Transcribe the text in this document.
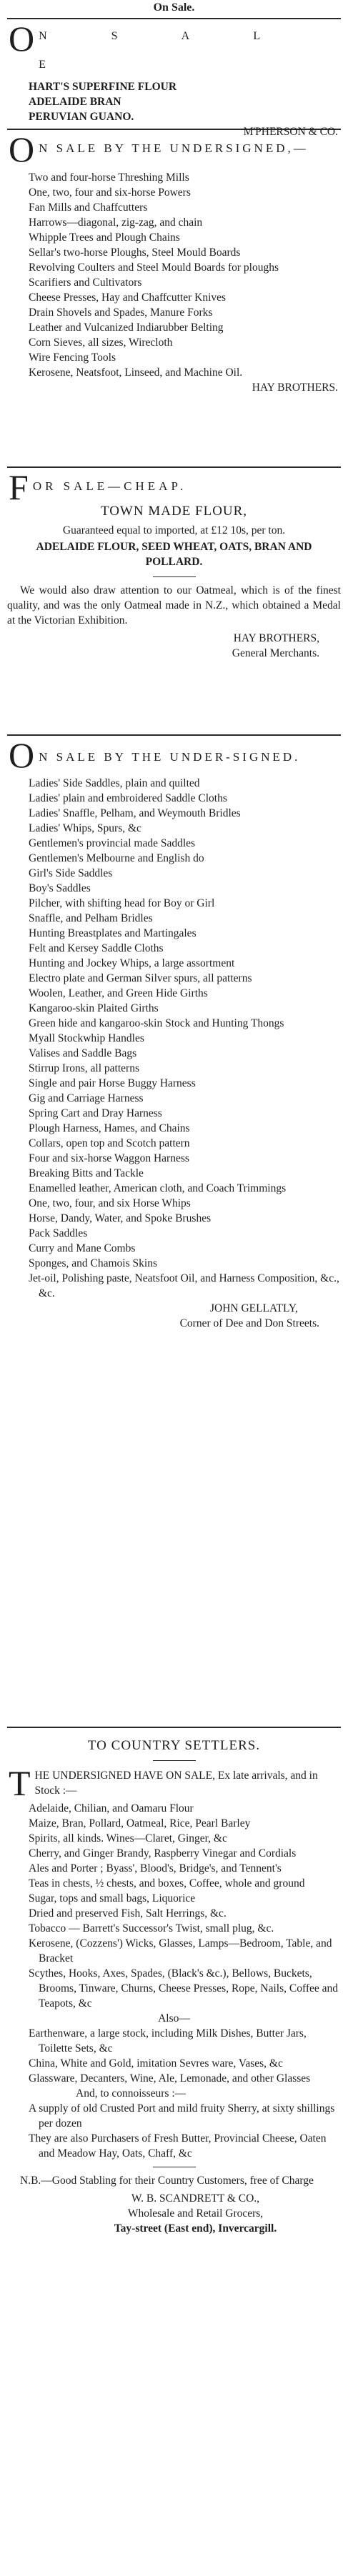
On Sale.
O N S A L E
HART'S SUPERFINE FLOUR
ADELAIDE BRAN
PERUVIAN GUANO.
M'PHERSON & CO.
O N SALE BY THE UNDERSIGNED,—
Two and four-horse Threshing Mills
One, two, four and six-horse Powers
Fan Mills and Chaffcutters
Harrows—diagonal, zig-zag, and chain
Whipple Trees and Plough Chains
Sellar's two-horse Ploughs, Steel Mould Boards
Revolving Coulters and Steel Mould Boards for ploughs
Scarifiers and Cultivators
Cheese Presses, Hay and Chaffcutter Knives
Drain Shovels and Spades, Manure Forks
Leather and Vulcanized Indiarubber Belting
Corn Sieves, all sizes, Wirecloth
Wire Fencing Tools
Kerosene, Neatsfoot, Linseed, and Machine Oil.
HAY BROTHERS.
F OR SALE—CHEAP.
TOWN MADE FLOUR,
Guaranteed equal to imported, at £12 10s, per ton.
ADELAIDE FLOUR, SEED WHEAT, OATS, BRAN AND POLLARD.
We would also draw attention to our Oatmeal, which is of the finest quality, and was the only Oatmeal made in N.Z., which obtained a Medal at the Victorian Exhibition.
HAY BROTHERS,
General Merchants.
O N SALE BY THE UNDER-SIGNED.
Ladies' Side Saddles, plain and quilted
Ladies' plain and embroidered Saddle Cloths
Ladies' Snaffle, Pelham, and Weymouth Bridles
Ladies' Whips, Spurs, &c
Gentlemen's provincial made Saddles
Gentlemen's Melbourne and English do
Girl's Side Saddles
Boy's Saddles
Pilcher, with shifting head for Boy or Girl
Snaffle, and Pelham Bridles
Hunting Breastplates and Martingales
Felt and Kersey Saddle Cloths
Hunting and Jockey Whips, a large assortment
Electro plate and German Silver spurs, all patterns
Woolen, Leather, and Green Hide Girths
Kangaroo-skin Plaited Girths
Green hide and kangaroo-skin Stock and Hunting Thongs
Myall Stockwhip Handles
Valises and Saddle Bags
Stirrup Irons, all patterns
Single and pair Horse Buggy Harness
Gig and Carriage Harness
Spring Cart and Dray Harness
Plough Harness, Hames, and Chains
Collars, open top and Scotch pattern
Four and six-horse Waggon Harness
Breaking Bitts and Tackle
Enamelled leather, American cloth, and Coach Trimmings
One, two, four, and six Horse Whips
Horse, Dandy, Water, and Spoke Brushes
Pack Saddles
Curry and Mane Combs
Sponges, and Chamois Skins
Jet-oil, Polishing paste, Neatsfoot Oil, and Harness Composition, &c., &c.
JOHN GELLATLY,
Corner of Dee and Don Streets.
TO COUNTRY SETTLERS.
T HE UNDERSIGNED HAVE ON SALE, Ex late arrivals, and in Stock :—
Adelaide, Chilian, and Oamaru Flour
Maize, Bran, Pollard, Oatmeal, Rice, Pearl Barley
Spirits, all kinds. Wines—Claret, Ginger, &c
Cherry, and Ginger Brandy, Raspberry Vinegar and Cordials
Ales and Porter ; Byass', Blood's, Bridge's, and Tennent's
Teas in chests, ½ chests, and boxes, Coffee, whole and ground
Sugar, tops and small bags, Liquorice
Dried and preserved Fish, Salt Herrings, &c.
Tobacco — Barrett's Successor's Twist, small plug, &c.
Kerosene, (Cozzens') Wicks, Glasses, Lamps—Bedroom, Table, and Bracket
Scythes, Hooks, Axes, Spades, (Black's &c.), Bellows, Buckets, Brooms, Tinware, Churns, Cheese Presses, Rope, Nails, Coffee and Teapots, &c
Also—
Earthenware, a large stock, including Milk Dishes, Butter Jars, Toilette Sets, &c
China, White and Gold, imitation Sevres ware, Vases, &c
Glassware, Decanters, Wine, Ale, Lemonade, and other Glasses
And, to connoisseurs :—
A supply of old Crusted Port and mild fruity Sherry, at sixty shillings per dozen
They are also Purchasers of Fresh Butter, Provincial Cheese, Oaten and Meadow Hay, Oats, Chaff, &c
N.B.—Good Stabling for their Country Customers, free of Charge
W. B. SCANDRETT & CO.,
Wholesale and Retail Grocers,
Tay-street (East end), Invercargill.
